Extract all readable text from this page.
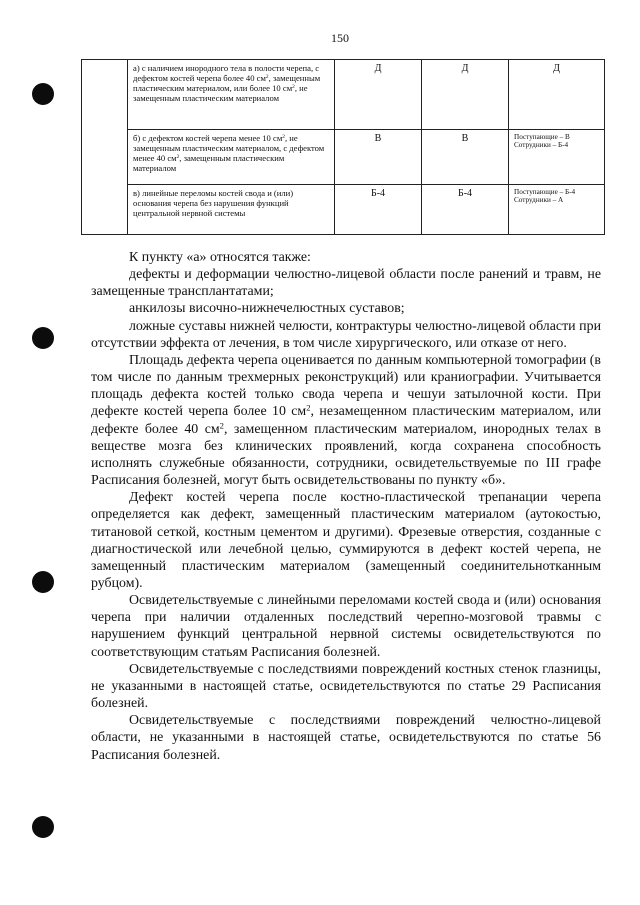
150
	а) с наличием инородного тела в полости черепа, с дефектом костей черепа более 40 $см^2$, замещенным пластическим материалом, или более 10 $см^2$, не замещенным пластическим материалом	Д	Д	Д
	б) с дефектом костей черепа менее 10 $см^2$, не замещенным пластическим материалом, с дефектом менее 40 $см^2$, замещенным пластическим материалом	В	В	Поступающие – В
Сотрудники – Б-4

	в) линейные переломы костей свода и (или) основания черепа без нарушения функций центральной нервной системы	Б-4	Б-4	Поступающие – Б-4
Сотрудники – А

К пункту «а» относятся также:

дефекты и деформации челюстно-лицевой области после ранений и травм, не замещенные трансплантатами;

анкилозы височно-нижнечелюстных суставов;

ложные суставы нижней челюсти, контрактуры челюстно-лицевой области при отсутствии эффекта от лечения, в том числе хирургического, или отказе от него.

Площадь дефекта черепа оценивается по данным компьютерной томографии (в том числе по данным трехмерных реконструкций) или краниографии. Учитывается площадь дефекта костей только свода черепа и чешуи затылочной кости. При дефекте костей черепа более 10 $см^2$, незамещенном пластическим материалом, или дефекте более 40 $см^2$, замещенном пластическим материалом, инородных телах в веществе мозга без клинических проявлений, когда сохранена способность исполнять служебные обязанности, сотрудники, освидетельствуемые по III графе Расписания болезней, могут быть освидетельствованы по пункту «б».

Дефект костей черепа после костно-пластической трепанации черепа определяется как дефект, замещенный пластическим материалом (аутокостью, титановой сеткой, костным цементом и другими). Фрезевые отверстия, созданные с диагностической или лечебной целью, суммируются в дефект костей черепа, не замещенный пластическим материалом (замещенный соединительнотканным рубцом).

Освидетельствуемые с линейными переломами костей свода и (или) основания черепа при наличии отдаленных последствий черепно-мозговой травмы с нарушением функций центральной нервной системы освидетельствуются по соответствующим статьям Расписания болезней.

Освидетельствуемые с последствиями повреждений костных стенок глазницы, не указанными в настоящей статье, освидетельствуются по статье 29 Расписания болезней.

Освидетельствуемые с последствиями повреждений челюстно-лицевой области, не указанными в настоящей статье, освидетельствуются по статье 56 Расписания болезней.
